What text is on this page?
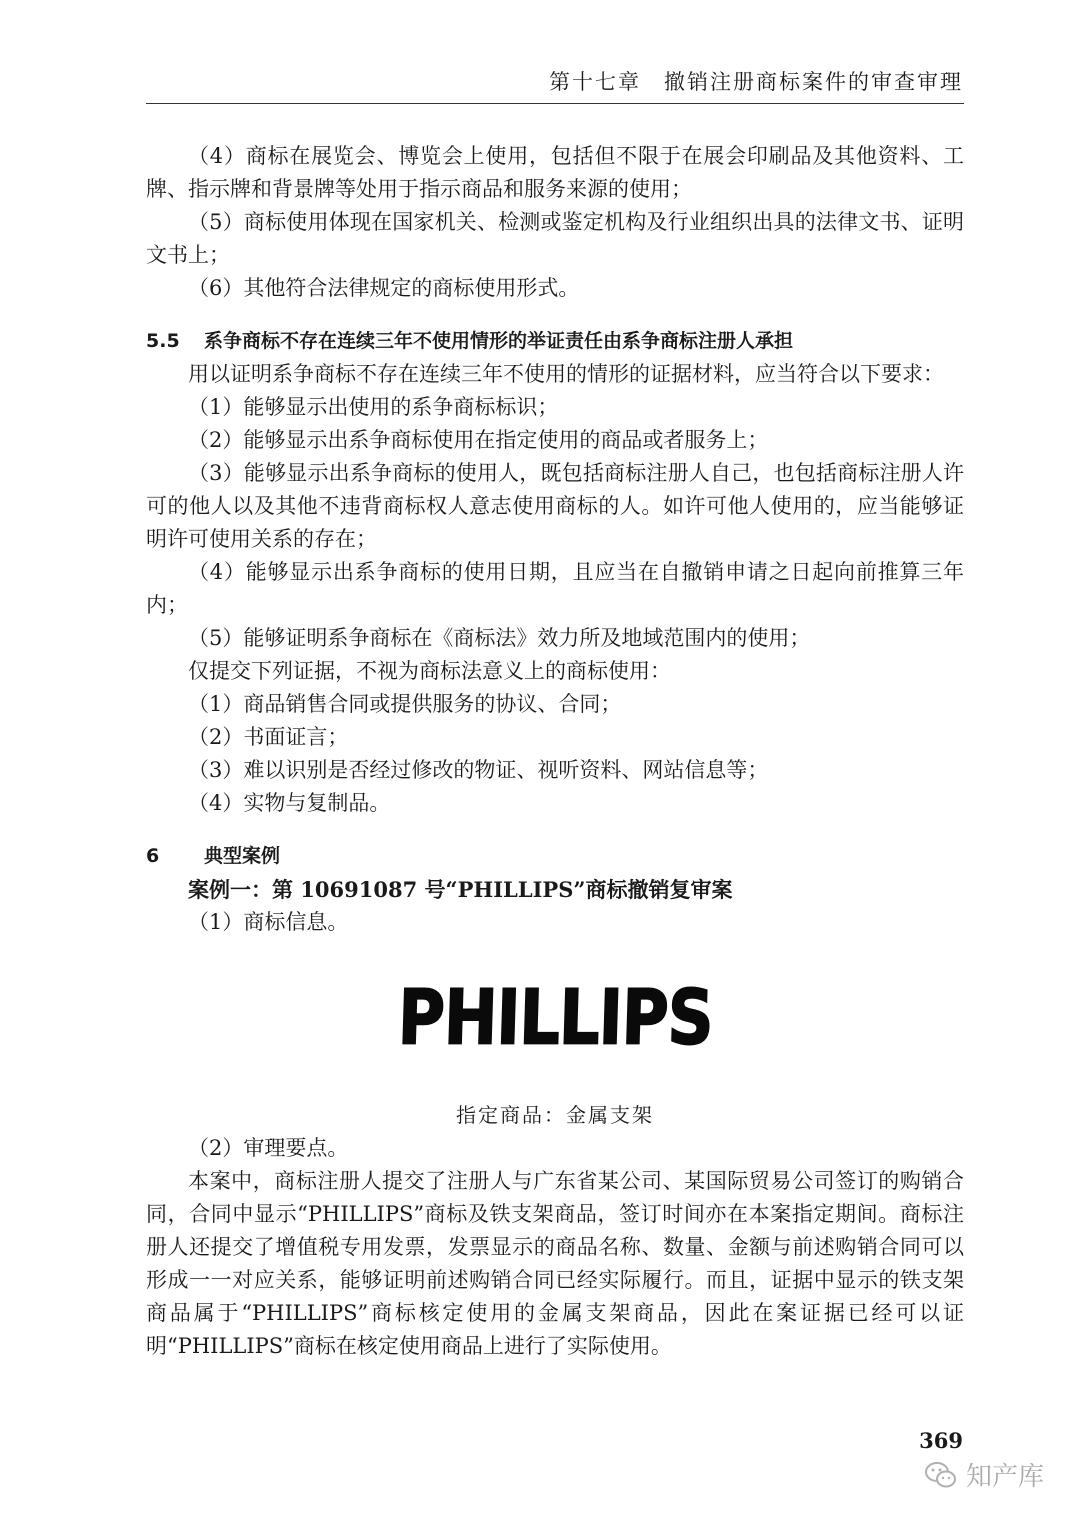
第十七章　撤销注册商标案件的审查审理

（4）商标在展览会、博览会上使用，包括但不限于在展会印刷品及其他资料、工牌、指示牌和背景牌等处用于指示商品和服务来源的使用；

（5）商标使用体现在国家机关、检测或鉴定机构及行业组织出具的法律文书、证明文书上；

（6）其他符合法律规定的商标使用形式。

5.5 系争商标不存在连续三年不使用情形的举证责任由系争商标注册人承担

用以证明系争商标不存在连续三年不使用的情形的证据材料，应当符合以下要求：

（1）能够显示出使用的系争商标标识；

（2）能够显示出系争商标使用在指定使用的商品或者服务上；

（3）能够显示出系争商标的使用人，既包括商标注册人自己，也包括商标注册人许可的他人以及其他不违背商标权人意志使用商标的人。如许可他人使用的，应当能够证明许可使用关系的存在；

（4）能够显示出系争商标的使用日期，且应当在自撤销申请之日起向前推算三年内；

（5）能够证明系争商标在《商标法》效力所及地域范围内的使用；

仅提交下列证据，不视为商标法意义上的商标使用：

（1）商品销售合同或提供服务的协议、合同；

（2）书面证言；

（3）难以识别是否经过修改的物证、视听资料、网站信息等；

（4）实物与复制品。

6 典型案例

案例一：第 10691087 号“PHILLIPS”商标撤销复审案

（1）商标信息。

PHILLIPS

指定商品：金属支架

（2）审理要点。

本案中，商标注册人提交了注册人与广东省某公司、某国际贸易公司签订的购销合同，合同中显示“PHILLIPS”商标及铁支架商品，签订时间亦在本案指定期间。商标注册人还提交了增值税专用发票，发票显示的商品名称、数量、金额与前述购销合同可以形成一一对应关系，能够证明前述购销合同已经实际履行。而且，证据中显示的铁支架商品属于“PHILLIPS”商标核定使用的金属支架商品，因此在案证据已经可以证明“PHILLIPS”商标在核定使用商品上进行了实际使用。

369
知产库
